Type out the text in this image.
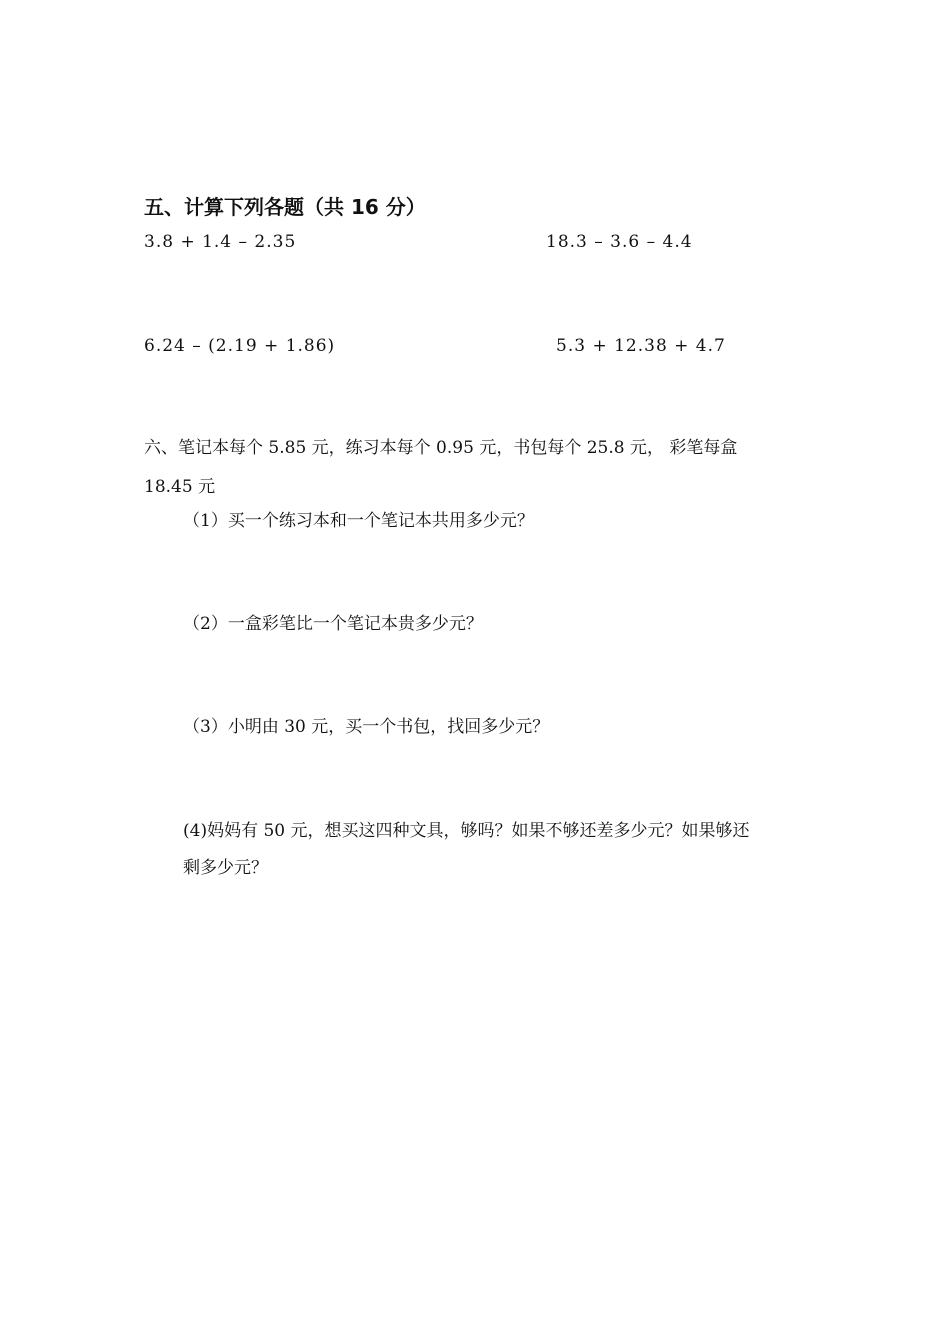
五、计算下列各题（共 16 分）
3.8 + 1.4 – 2.35	18.3 – 3.6 – 4.4
6.24 – (2.19 + 1.86)	5.3 + 12.38 + 4.7
六、笔记本每个 5.85 元，练习本每个 0.95 元，书包每个 25.8 元， 彩笔每盒
18.45 元
（1）买一个练习本和一个笔记本共用多少元？
（2）一盒彩笔比一个笔记本贵多少元？
（3）小明由 30 元，买一个书包，找回多少元？
(4)妈妈有 50 元，想买这四种文具，够吗？如果不够还差多少元？如果够还
剩多少元？
